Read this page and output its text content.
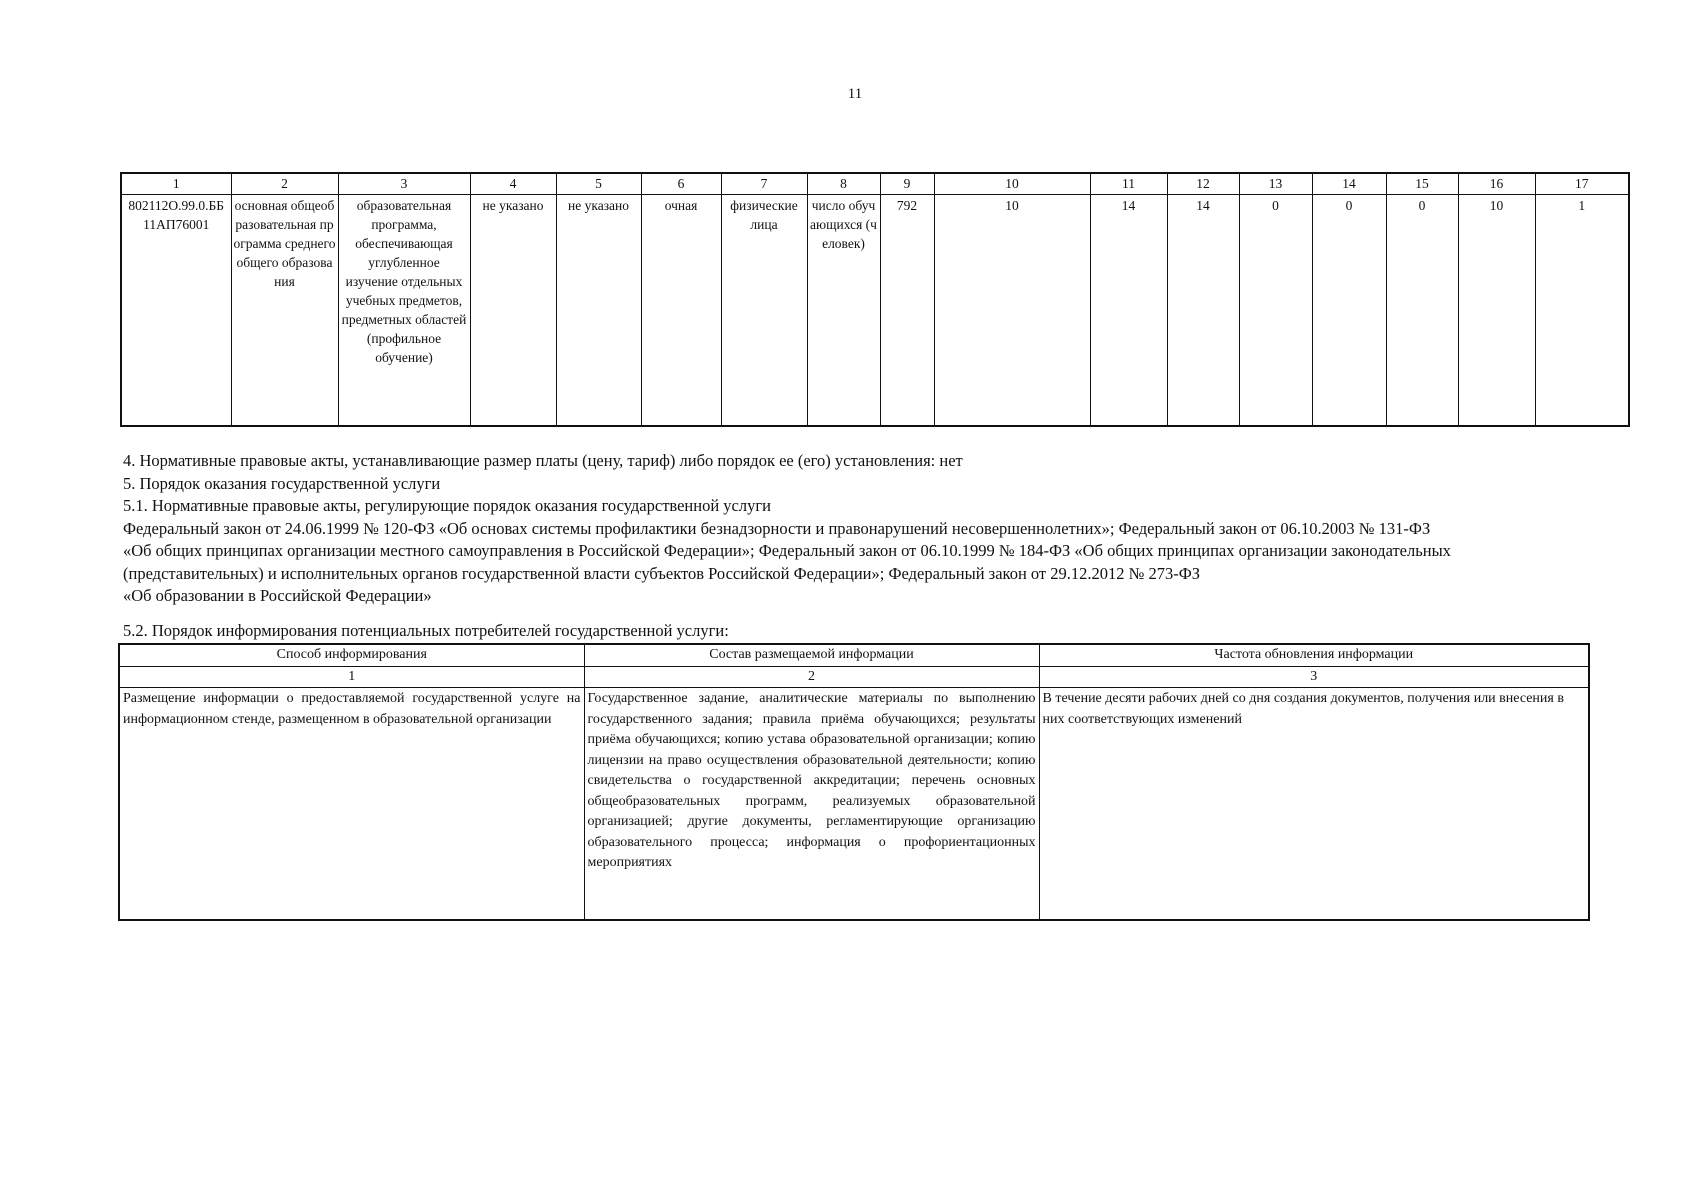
11
1	2	3	4	5	6	7	8	9	10	11	12	13	14	15	16	17
802112О.99.0.ББ 11АП76001	основная общеобразовательная программа среднего общего образования	образовательная программа, обеспечивающая углубленное изучение отдельных учебных предметов, предметных областей (профильное обучение)	не указано	не указано	очная	физические лица	число обучающихся (человек)	792	10	14	14	0	0	0	10	1

4. Нормативные правовые акты, устанавливающие размер платы (цену, тариф) либо порядок ее (его) установления: нет

5. Порядок оказания государственной услуги

5.1. Нормативные правовые акты, регулирующие порядок оказания государственной услуги

Федеральный закон от 24.06.1999 № 120-ФЗ «Об основах системы профилактики безнадзорности и правонарушений несовершеннолетних»; Федеральный закон от 06.10.2003 № 131-ФЗ

«Об общих принципах организации местного самоуправления в Российской Федерации»; Федеральный закон от 06.10.1999 № 184-ФЗ «Об общих принципах организации законодательных

(представительных) и исполнительных органов государственной власти субъектов Российской Федерации»; Федеральный закон от 29.12.2012 № 273-ФЗ

«Об образовании в Российской Федерации»

5.2. Порядок информирования потенциальных потребителей государственной услуги:

Способ информирования	Состав размещаемой информации	Частота обновления информации
1	2	3
Размещение информации о предоставляемой государственной услуге на информационном стенде, размещенном в образовательной организации	Государственное задание, аналитические материалы по выполнению государственного задания; правила приёма обучающихся; результаты приёма обучающихся; копию устава образовательной организации; копию лицензии на право осуществления образовательной деятельности; копию свидетельства о государственной аккредитации; перечень основных общеобразовательных программ, реализуемых образовательной организацией; другие документы, регламентирующие организацию образовательного процесса; информация о профориентационных мероприятиях	В течение десяти рабочих дней со дня создания документов, получения или внесения в них соответствующих изменений
